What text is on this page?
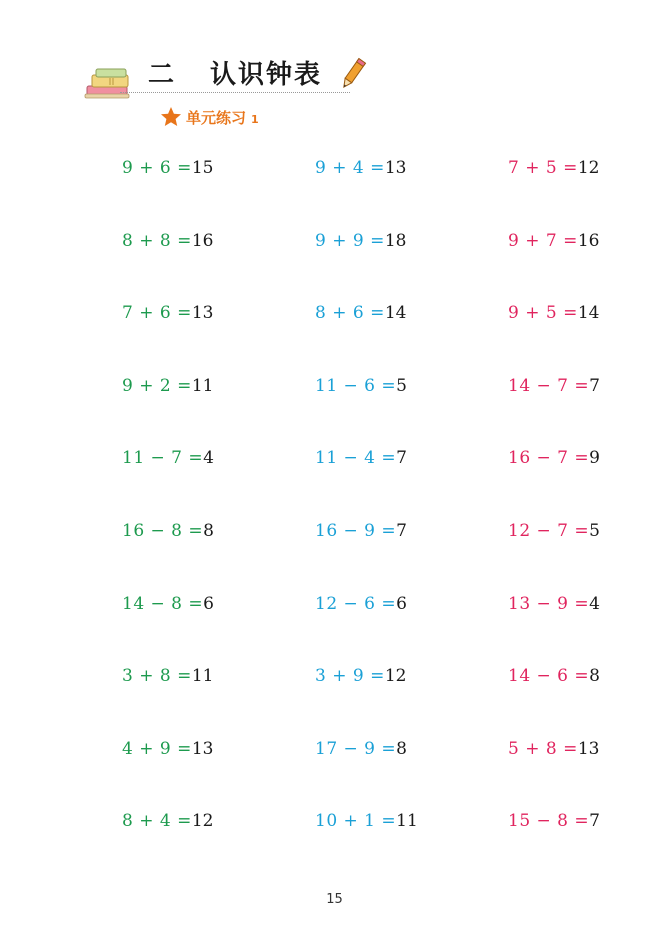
二 认识钟表
单元练习 1
9 + 6 =15	9 + 4 =13	7 + 5 =12
8 + 8 =16	9 + 9 =18	9 + 7 =16
7 + 6 =13	8 + 6 =14	9 + 5 =14
9 + 2 =11	11 − 6 =5	14 − 7 =7
11 − 7 =4	11 − 4 =7	16 − 7 =9
16 − 8 =8	16 − 9 =7	12 − 7 =5
14 − 8 =6	12 − 6 =6	13 − 9 =4
3 + 8 =11	3 + 9 =12	14 − 6 =8
4 + 9 =13	17 − 9 =8	5 + 8 =13
8 + 4 =12	10 + 1 =11	15 − 8 =7
15
